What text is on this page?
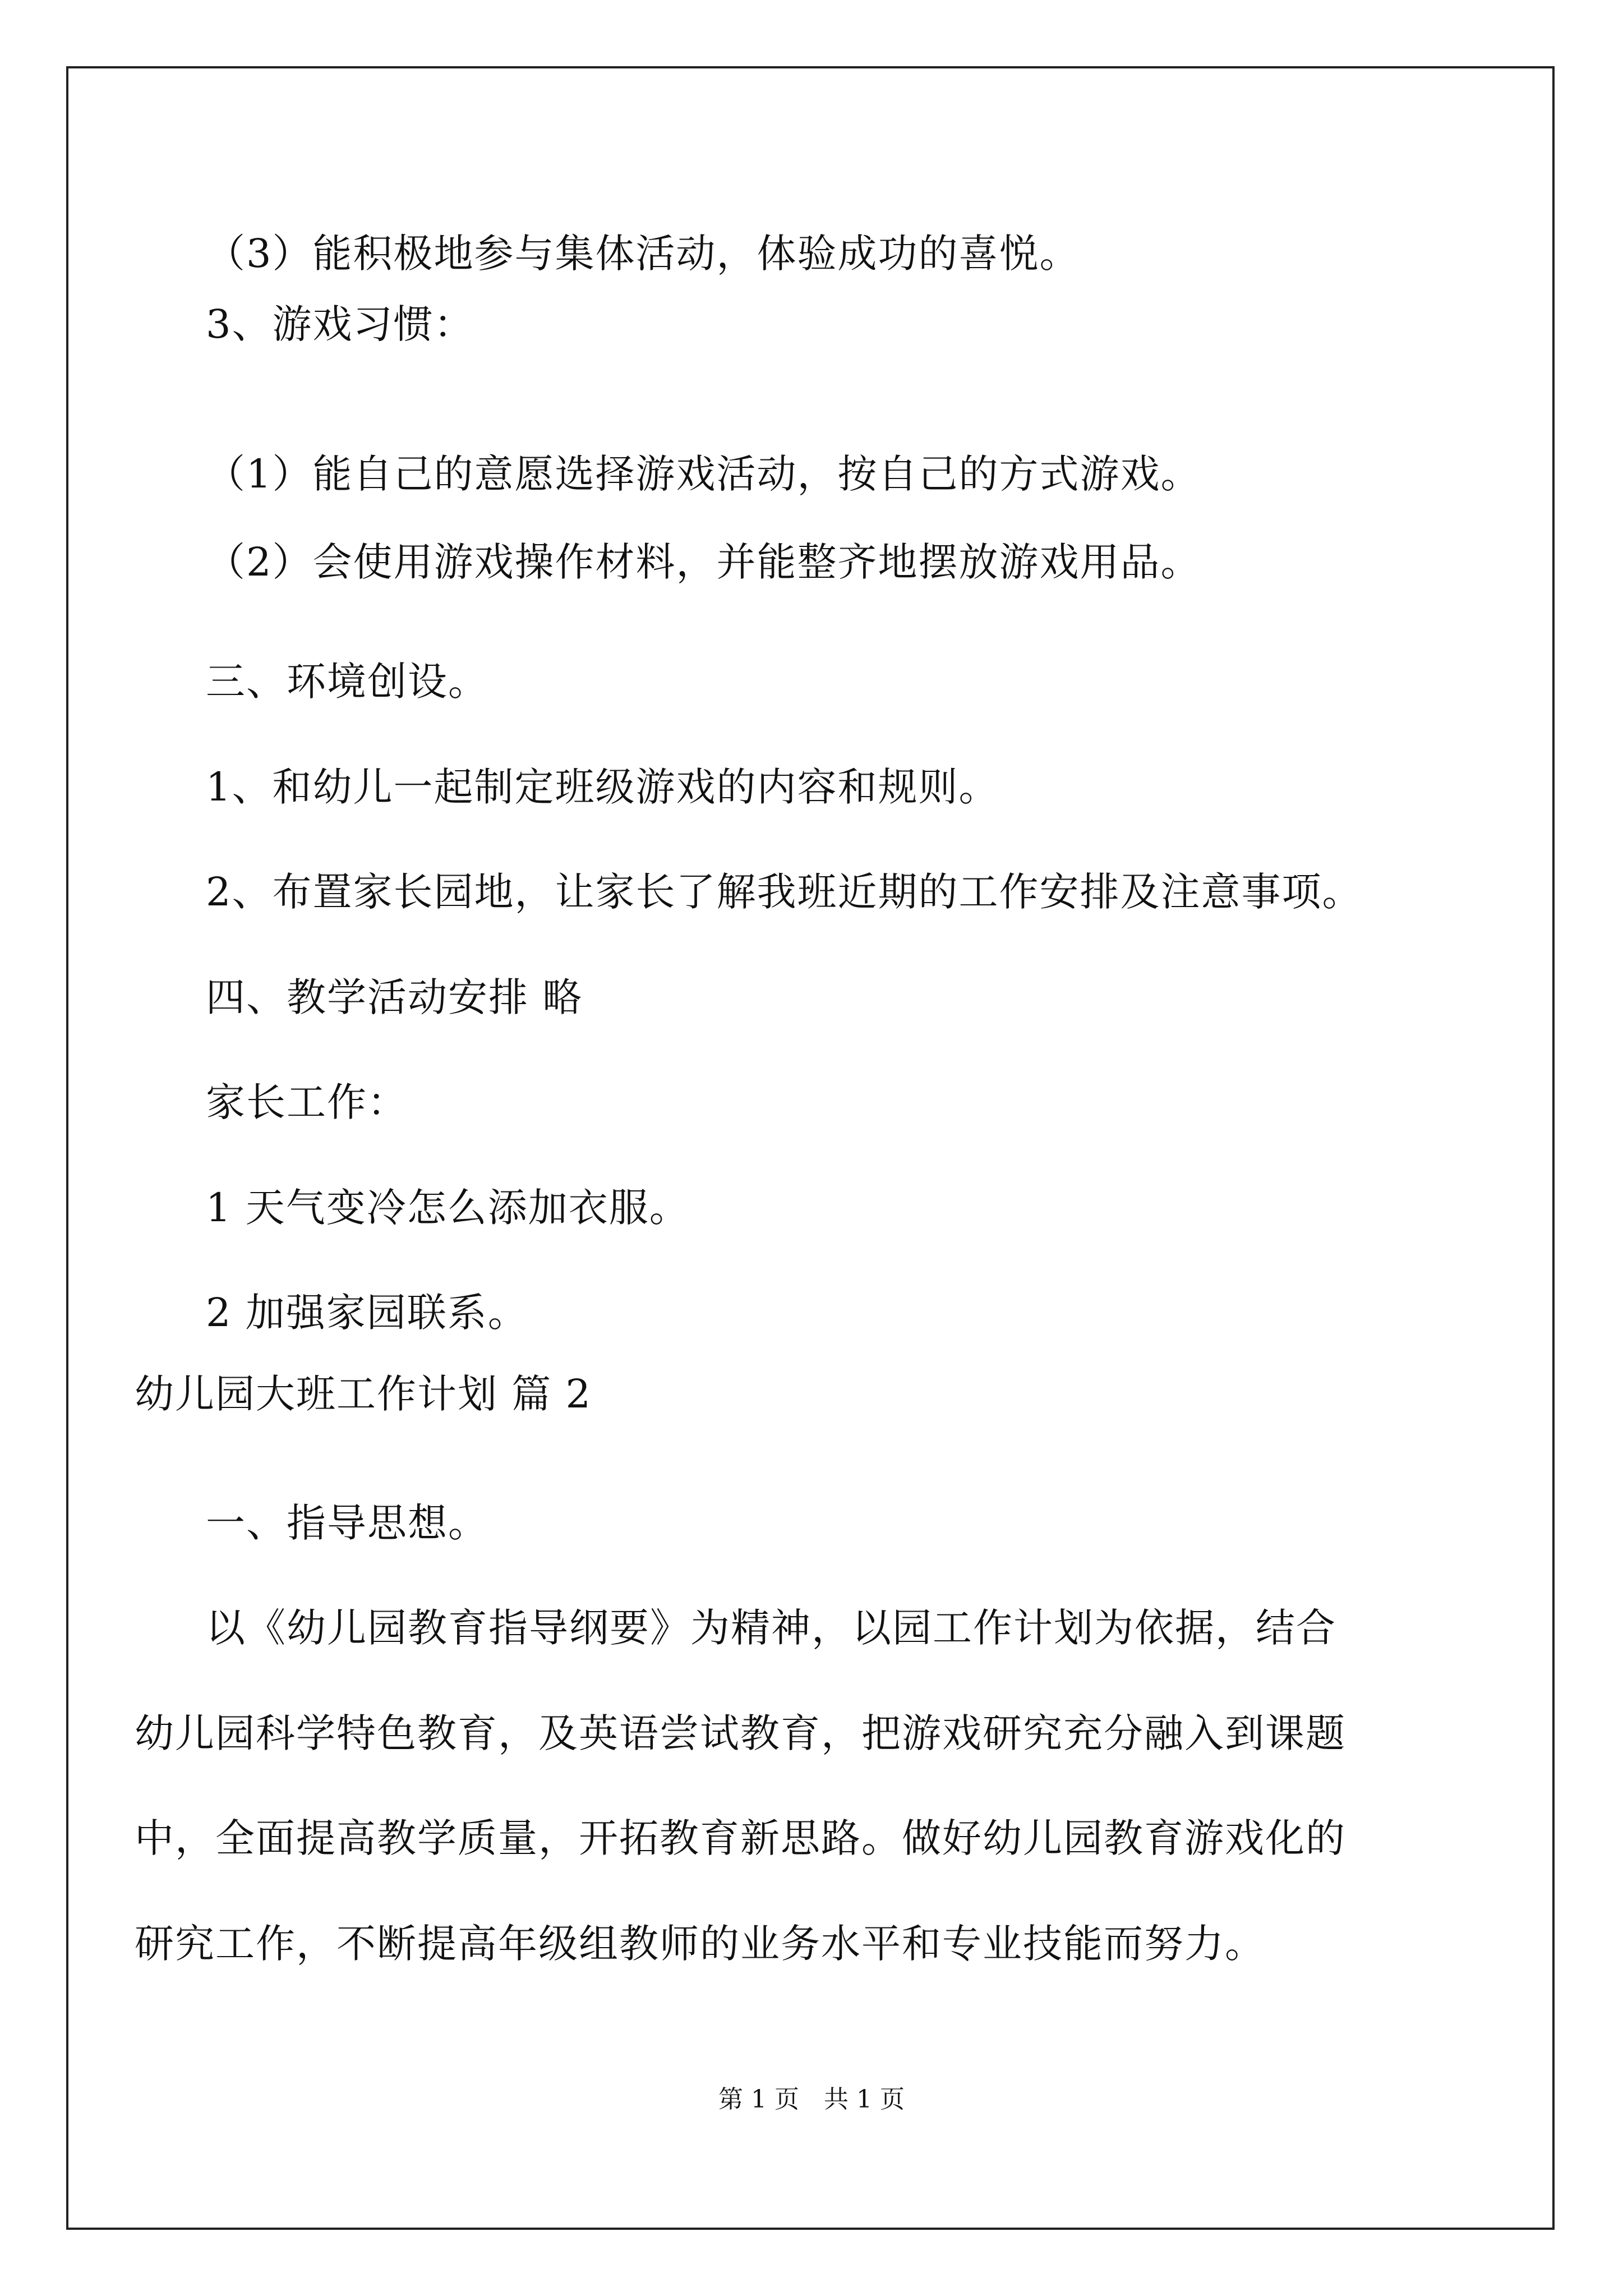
（3）能积极地参与集体活动，体验成功的喜悦。
3、游戏习惯：
（1）能自己的意愿选择游戏活动，按自己的方式游戏。
（2）会使用游戏操作材料，并能整齐地摆放游戏用品。
三、环境创设。
1、和幼儿一起制定班级游戏的内容和规则。
2、布置家长园地，让家长了解我班近期的工作安排及注意事项。
四、教学活动安排 略
家长工作：
1 天气变冷怎么添加衣服。
2 加强家园联系。
幼儿园大班工作计划 篇 2
一、指导思想。
以《幼儿园教育指导纲要》为精神，以园工作计划为依据，结合
幼儿园科学特色教育，及英语尝试教育，把游戏研究充分融入到课题
中，全面提高教学质量，开拓教育新思路。做好幼儿园教育游戏化的
研究工作，不断提高年级组教师的业务水平和专业技能而努力。
第 1 页　共 1 页
